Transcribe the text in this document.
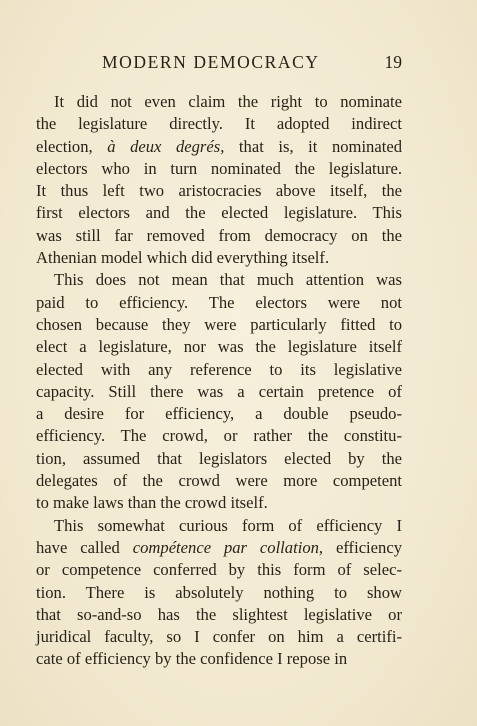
MODERN DEMOCRACY	19
It did not even claim the right to nominate
the legislature directly. It adopted indirect
election, à deux degrés, that is, it nominated
electors who in turn nominated the legislature.
It thus left two aristocracies above itself, the
first electors and the elected legislature. This
was still far removed from democracy on the
Athenian model which did everything itself.
This does not mean that much attention was
paid to efficiency. The electors were not
chosen because they were particularly fitted to
elect a legislature, nor was the legislature itself
elected with any reference to its legislative
capacity. Still there was a certain pretence of
a desire for efficiency, a double pseudo-
efficiency. The crowd, or rather the constitu-
tion, assumed that legislators elected by the
delegates of the crowd were more competent
to make laws than the crowd itself.
This somewhat curious form of efficiency I
have called compétence par collation, efficiency
or competence conferred by this form of selec-
tion. There is absolutely nothing to show
that so-and-so has the slightest legislative or
juridical faculty, so I confer on him a certifi-
cate of efficiency by the confidence I repose in
